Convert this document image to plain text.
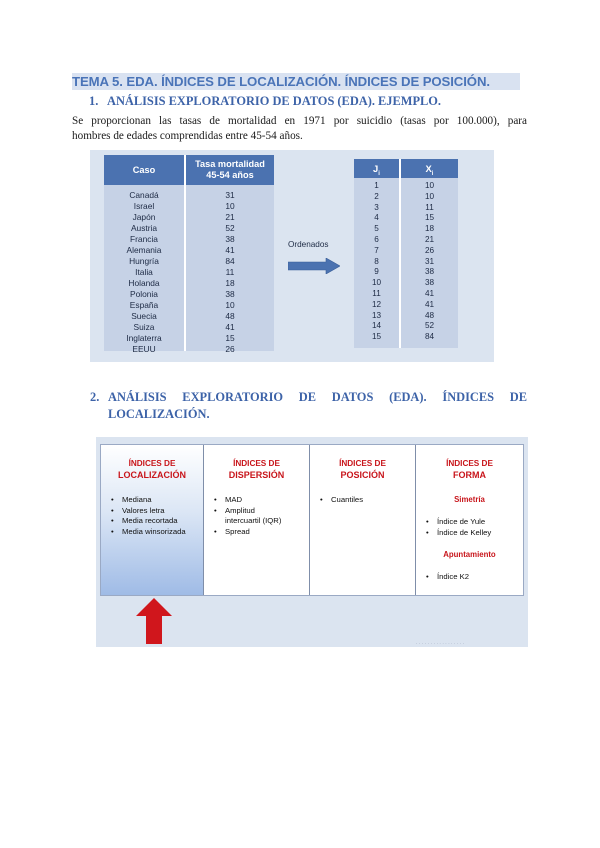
TEMA 5. EDA. ÍNDICES DE LOCALIZACIÓN. ÍNDICES DE POSICIÓN.
1. ANÁLISIS EXPLORATORIO DE DATOS (EDA). EJEMPLO.
Se proporcionan las tasas de mortalidad en 1971 por suicidio (tasas por 100.000), para
hombres de edades comprendidas entre 45-54 años.
Caso
Tasa mortalidad
45-54 años
Canadá
Israel
Japón
Austria
Francia
Alemania
Hungría
Italia
Holanda
Polonia
España
Suecia
Suiza
Inglaterra
EEUU
31
10
21
52
38
41
84
11
18
38
10
48
41
15
26
Ordenados
$J_i$	$X_i$
1
2
3
4
5
6
7
8
9
10
11
12
13
14
15
10
10
11
15
18
21
26
31
38
38
41
41
48
52
84
2. ANÁLISIS EXPLORATORIO DE DATOS (EDA). ÍNDICES DE
LOCALIZACIÓN.
ÍNDICES DE
LOCALIZACIÓN
• Mediana
• Valores letra
• Media recortada
• Media winsorizada
ÍNDICES DE
DISPERSIÓN
• MAD
• Amplitud
intercuartil (IQR)
• Spread
ÍNDICES DE
POSICIÓN
• Cuantiles
ÍNDICES DE
FORMA
Simetría
• Índice de Yule
• Índice de Kelley
Apuntamiento
• Índice K2
· · · · · · · · · · · · · · · · ·
